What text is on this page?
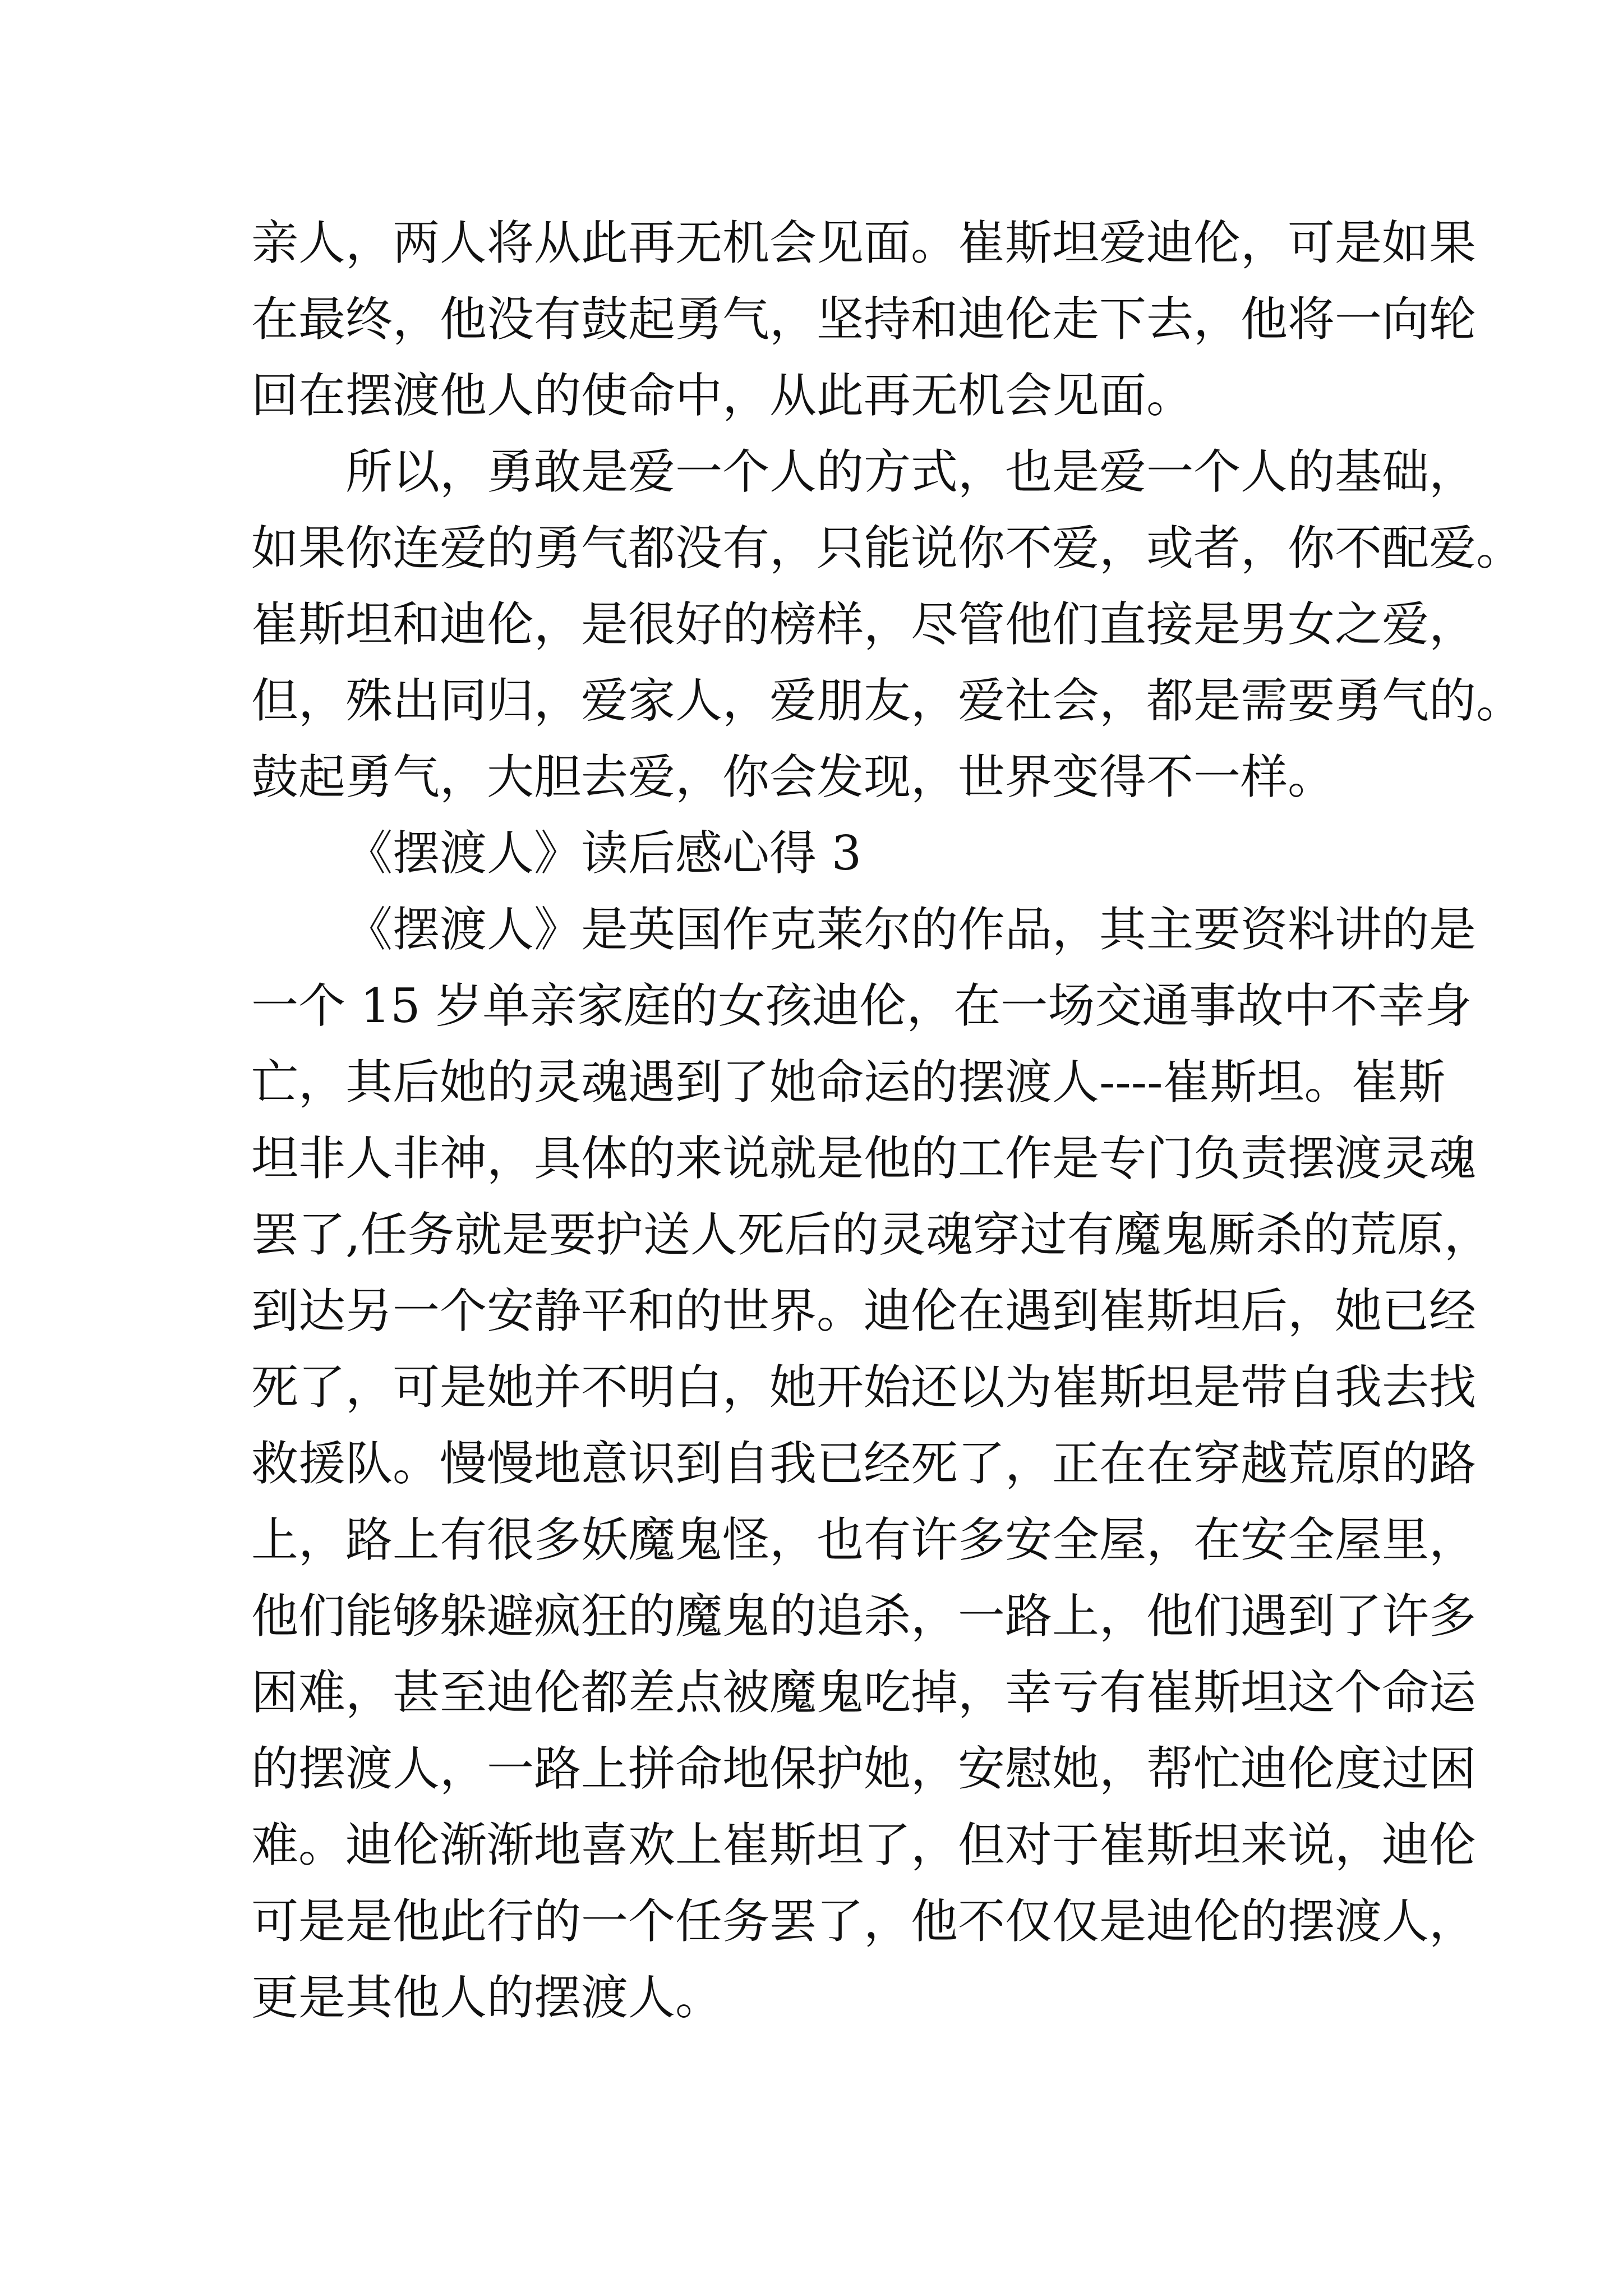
亲人，两人将从此再无机会见面。崔斯坦爱迪伦，可是如果
在最终，他没有鼓起勇气，坚持和迪伦走下去，他将一向轮
回在摆渡他人的使命中，从此再无机会见面。
所以，勇敢是爱一个人的方式，也是爱一个人的基础，
如果你连爱的勇气都没有，只能说你不爱，或者，你不配爱。
崔斯坦和迪伦，是很好的榜样，尽管他们直接是男女之爱，
但，殊出同归，爱家人，爱朋友，爱社会，都是需要勇气的。
鼓起勇气，大胆去爱，你会发现，世界变得不一样。
《摆渡人》读后感心得 3
《摆渡人》是英国作克莱尔的作品，其主要资料讲的是
一个 15 岁单亲家庭的女孩迪伦，在一场交通事故中不幸身
亡，其后她的灵魂遇到了她命运的摆渡人----崔斯坦。崔斯
坦非人非神，具体的来说就是他的工作是专门负责摆渡灵魂
罢了,任务就是要护送人死后的灵魂穿过有魔鬼厮杀的荒原，
到达另一个安静平和的世界。迪伦在遇到崔斯坦后，她已经
死了，可是她并不明白，她开始还以为崔斯坦是带自我去找
救援队。慢慢地意识到自我已经死了，正在在穿越荒原的路
上，路上有很多妖魔鬼怪，也有许多安全屋，在安全屋里，
他们能够躲避疯狂的魔鬼的追杀，一路上，他们遇到了许多
困难，甚至迪伦都差点被魔鬼吃掉，幸亏有崔斯坦这个命运
的摆渡人，一路上拼命地保护她，安慰她，帮忙迪伦度过困
难。迪伦渐渐地喜欢上崔斯坦了，但对于崔斯坦来说，迪伦
可是是他此行的一个任务罢了，他不仅仅是迪伦的摆渡人，
更是其他人的摆渡人。
